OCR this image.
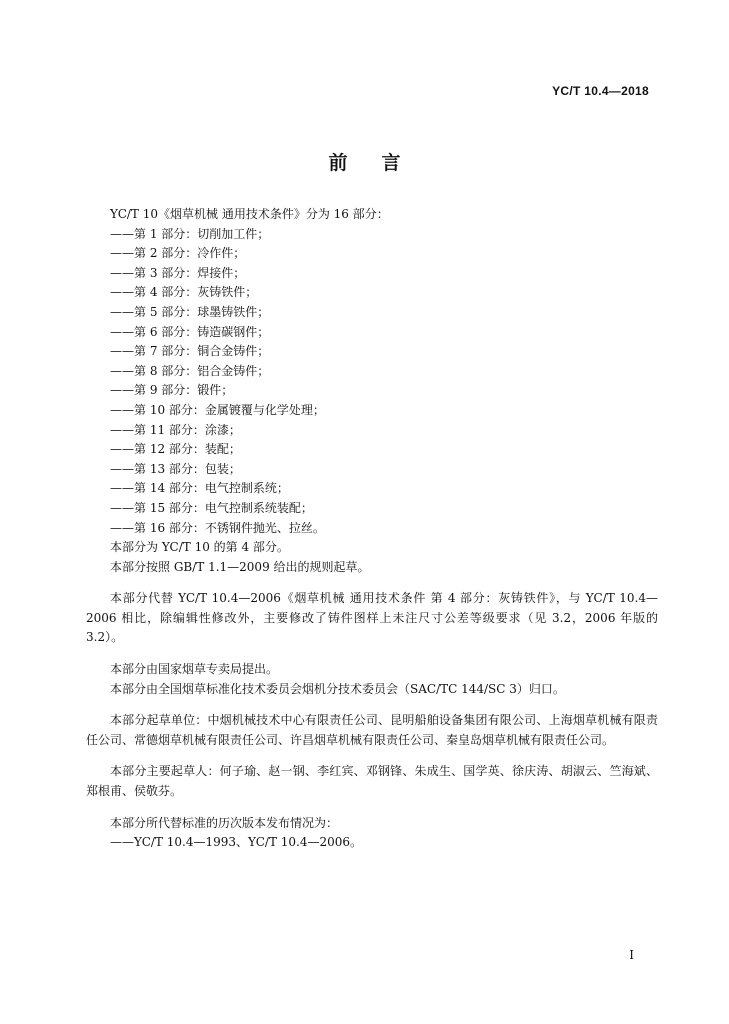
YC/T 10.4—2018
前言

YC/T 10《烟草机械 通用技术条件》分为 16 部分：

——第 1 部分：切削加工件；

——第 2 部分：冷作件；

——第 3 部分：焊接件；

——第 4 部分：灰铸铁件；

——第 5 部分：球墨铸铁件；

——第 6 部分：铸造碳钢件；

——第 7 部分：铜合金铸件；

——第 8 部分：铝合金铸件；

——第 9 部分：锻件；

——第 10 部分：金属镀覆与化学处理；

——第 11 部分：涂漆；

——第 12 部分：装配；

——第 13 部分：包装；

——第 14 部分：电气控制系统；

——第 15 部分：电气控制系统装配；

——第 16 部分：不锈钢件抛光、拉丝。

本部分为 YC/T 10 的第 4 部分。

本部分按照 GB/T 1.1—2009 给出的规则起草。

本部分代替 YC/T 10.4—2006《烟草机械 通用技术条件 第 4 部分：灰铸铁件》，与 YC/T 10.4—2006 相比，除编辑性修改外，主要修改了铸件图样上未注尺寸公差等级要求（见 3.2，2006 年版的 3.2）。

本部分由国家烟草专卖局提出。

本部分由全国烟草标准化技术委员会烟机分技术委员会（SAC/TC 144/SC 3）归口。

本部分起草单位：中烟机械技术中心有限责任公司、昆明船舶设备集团有限公司、上海烟草机械有限责任公司、常德烟草机械有限责任公司、许昌烟草机械有限责任公司、秦皇岛烟草机械有限责任公司。

本部分主要起草人：何子瑜、赵一钢、李红宾、邓钢锋、朱成生、国学英、徐庆涛、胡淑云、竺海斌、郑根甫、侯敬芬。

本部分所代替标准的历次版本发布情况为：

——YC/T 10.4—1993、YC/T 10.4—2006。

I
